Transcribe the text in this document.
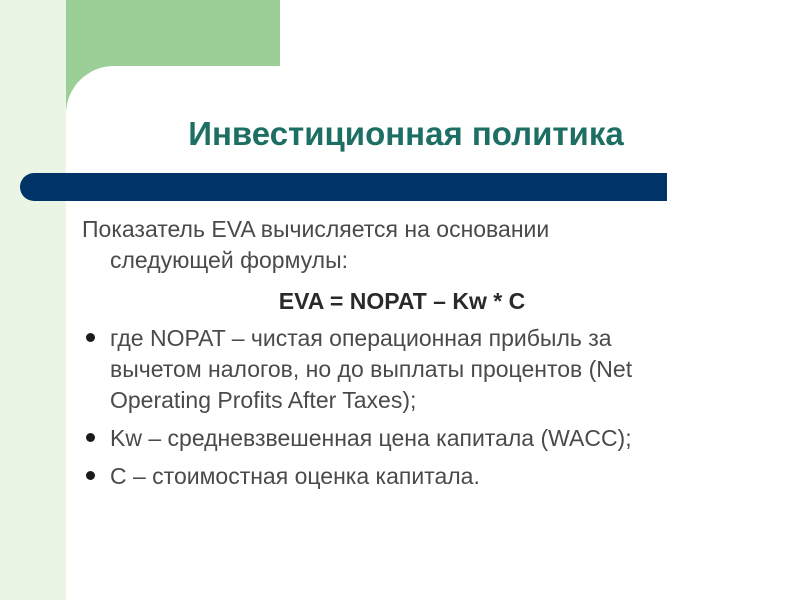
Инвестиционная политика

Показатель EVA вычисляется на основании
следующей формулы:

EVA = NOPAT – Kw * C
где NOPAT – чистая операционная прибыль за
вычетом налогов, но до выплаты процентов (Net
Operating Profits After Taxes);
Kw – средневзвешенная цена капитала (WACC);
С – стоимостная оценка капитала.
